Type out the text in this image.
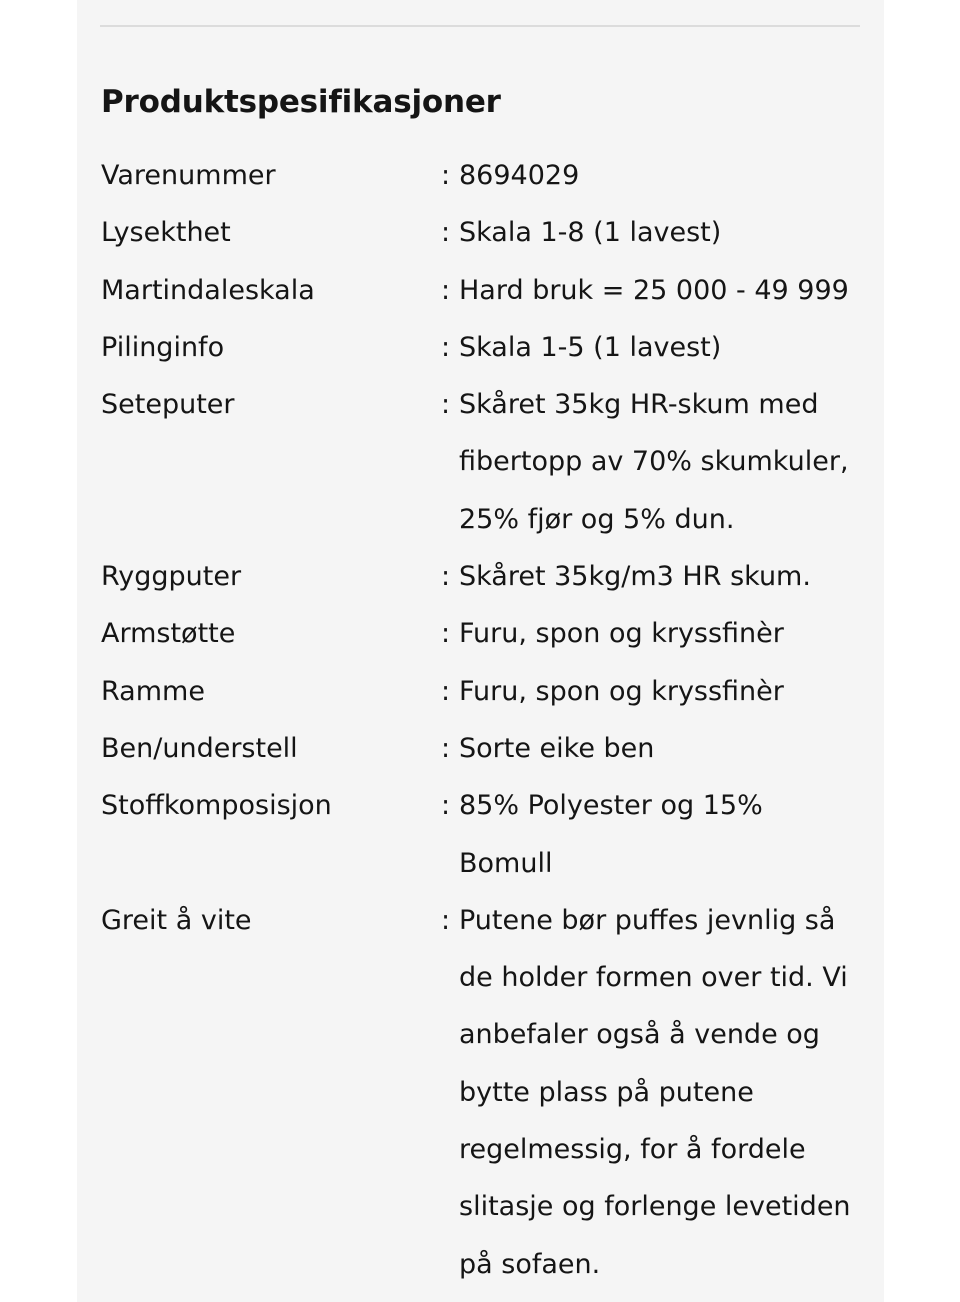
Produktspesifikasjoner
Varenummer	: 8694029
Lysekthet	: Skala 1-8 (1 lavest)
Martindaleskala	: Hard bruk = 25 000 - 49 999
Pilinginfo	: Skala 1-5 (1 lavest)
Seteputer	: Skåret 35kg HR-skum med
fibertopp av 70% skumkuler,
25% fjør og 5% dun.
Ryggputer	: Skåret 35kg/m3 HR skum.
Armstøtte	: Furu, spon og kryssfinèr
Ramme	: Furu, spon og kryssfinèr
Ben/understell	: Sorte eike ben
Stoffkomposisjon	: 85% Polyester og 15%
Bomull
Greit å vite	: Putene bør puffes jevnlig så
de holder formen over tid. Vi
anbefaler også å vende og
bytte plass på putene
regelmessig, for å fordele
slitasje og forlenge levetiden
på sofaen.
